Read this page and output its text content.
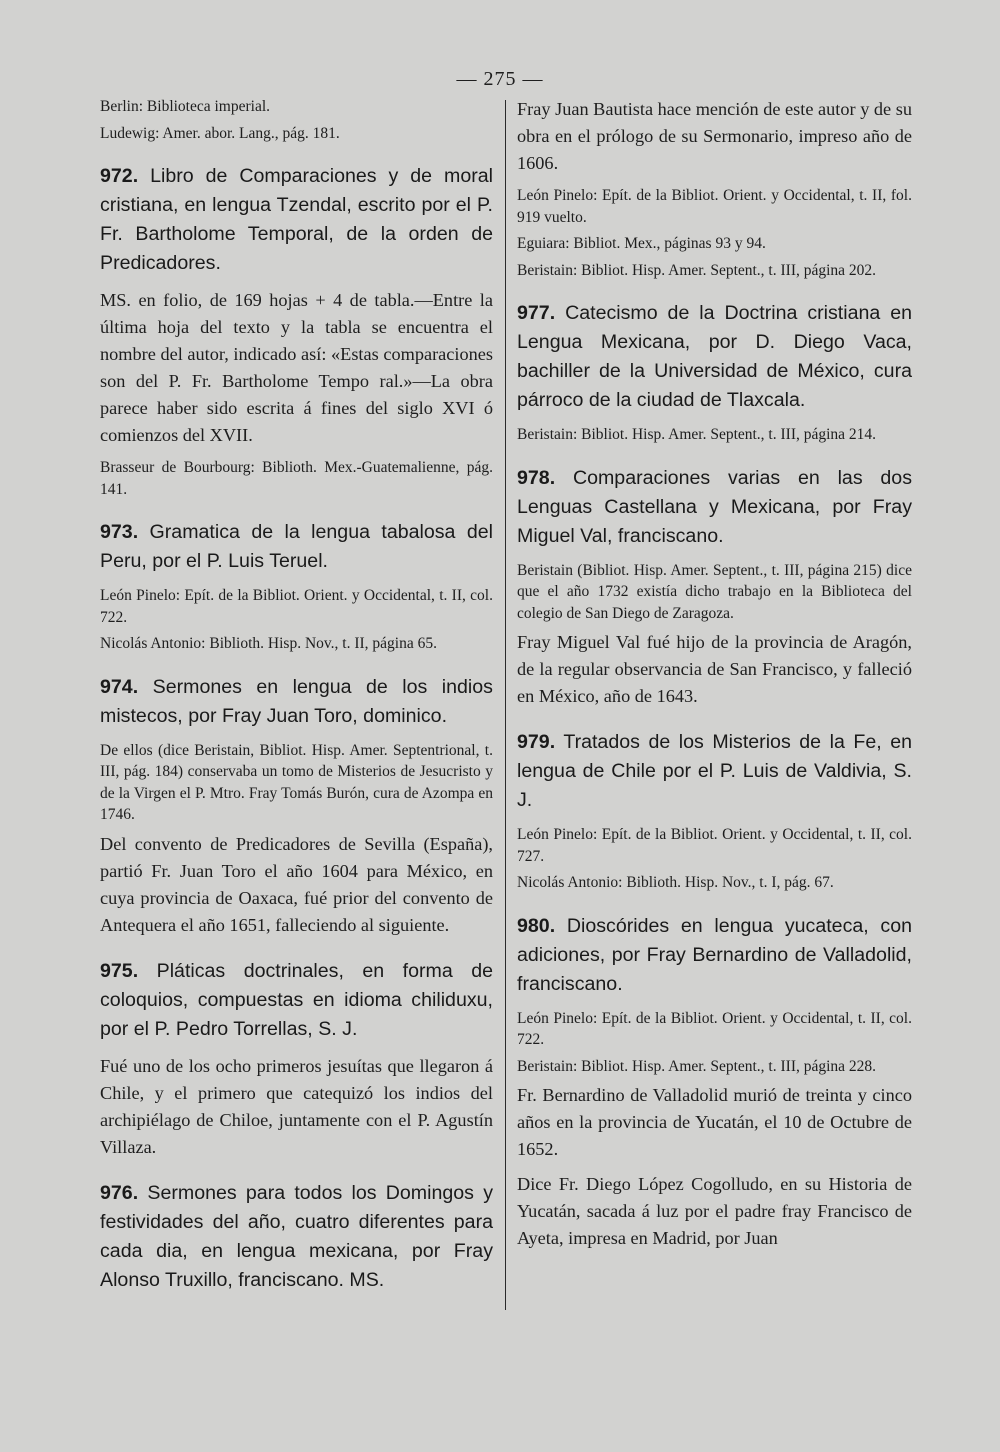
— 275 —

Berlin: Biblioteca imperial.

Ludewig: Amer. abor. Lang., pág. 181.

972. Libro de Comparaciones y de moral cristiana, en lengua Tzendal, escrito por el P. Fr. Bartholome Temporal, de la orden de Predicadores.

MS. en folio, de 169 hojas + 4 de tabla.—Entre la última hoja del texto y la tabla se encuentra el nombre del autor, indicado así: «Estas comparaciones son del P. Fr. Bartholome Tempo ral.»—La obra parece haber sido escrita á fines del siglo XVI ó comienzos del XVII.

Brasseur de Bourbourg: Biblioth. Mex.-Guatemalienne, pág. 141.

973. Gramatica de la lengua tabalosa del Peru, por el P. Luis Teruel.

León Pinelo: Epít. de la Bibliot. Orient. y Occidental, t. II, col. 722.

Nicolás Antonio: Biblioth. Hisp. Nov., t. II, página 65.

974. Sermones en lengua de los indios mistecos, por Fray Juan Toro, dominico.

De ellos (dice Beristain, Bibliot. Hisp. Amer. Septentrional, t. III, pág. 184) conservaba un tomo de Misterios de Jesucristo y de la Virgen el P. Mtro. Fray Tomás Burón, cura de Azompa en 1746.

Del convento de Predicadores de Sevilla (España), partió Fr. Juan Toro el año 1604 para México, en cuya provincia de Oaxaca, fué prior del convento de Antequera el año 1651, falleciendo al siguiente.

975. Pláticas doctrinales, en forma de coloquios, compuestas en idioma chiliduxu, por el P. Pedro Torrellas, S. J.

Fué uno de los ocho primeros jesuítas que llegaron á Chile, y el primero que catequizó los indios del archipiélago de Chiloe, juntamente con el P. Agustín Villaza.

976. Sermones para todos los Domingos y festividades del año, cuatro diferentes para cada dia, en lengua mexicana, por Fray Alonso Truxillo, franciscano. MS.

Fray Juan Bautista hace mención de este autor y de su obra en el prólogo de su Sermonario, impreso año de 1606.

León Pinelo: Epít. de la Bibliot. Orient. y Occidental, t. II, fol. 919 vuelto.

Eguiara: Bibliot. Mex., páginas 93 y 94.

Beristain: Bibliot. Hisp. Amer. Septent., t. III, página 202.

977. Catecismo de la Doctrina cristiana en Lengua Mexicana, por D. Diego Vaca, bachiller de la Universidad de México, cura párroco de la ciudad de Tlaxcala.

Beristain: Bibliot. Hisp. Amer. Septent., t. III, página 214.

978. Comparaciones varias en las dos Lenguas Castellana y Mexicana, por Fray Miguel Val, franciscano.

Beristain (Bibliot. Hisp. Amer. Septent., t. III, página 215) dice que el año 1732 existía dicho trabajo en la Biblioteca del colegio de San Diego de Zaragoza.

Fray Miguel Val fué hijo de la provincia de Aragón, de la regular observancia de San Francisco, y falleció en México, año de 1643.

979. Tratados de los Misterios de la Fe, en lengua de Chile por el P. Luis de Valdivia, S. J.

León Pinelo: Epít. de la Bibliot. Orient. y Occidental, t. II, col. 727.

Nicolás Antonio: Biblioth. Hisp. Nov., t. I, pág. 67.

980. Dioscórides en lengua yucateca, con adiciones, por Fray Bernardino de Valladolid, franciscano.

León Pinelo: Epít. de la Bibliot. Orient. y Occidental, t. II, col. 722.

Beristain: Bibliot. Hisp. Amer. Septent., t. III, página 228.

Fr. Bernardino de Valladolid murió de treinta y cinco años en la provincia de Yucatán, el 10 de Octubre de 1652.

Dice Fr. Diego López Cogolludo, en su Historia de Yucatán, sacada á luz por el padre fray Francisco de Ayeta, impresa en Madrid, por Juan
